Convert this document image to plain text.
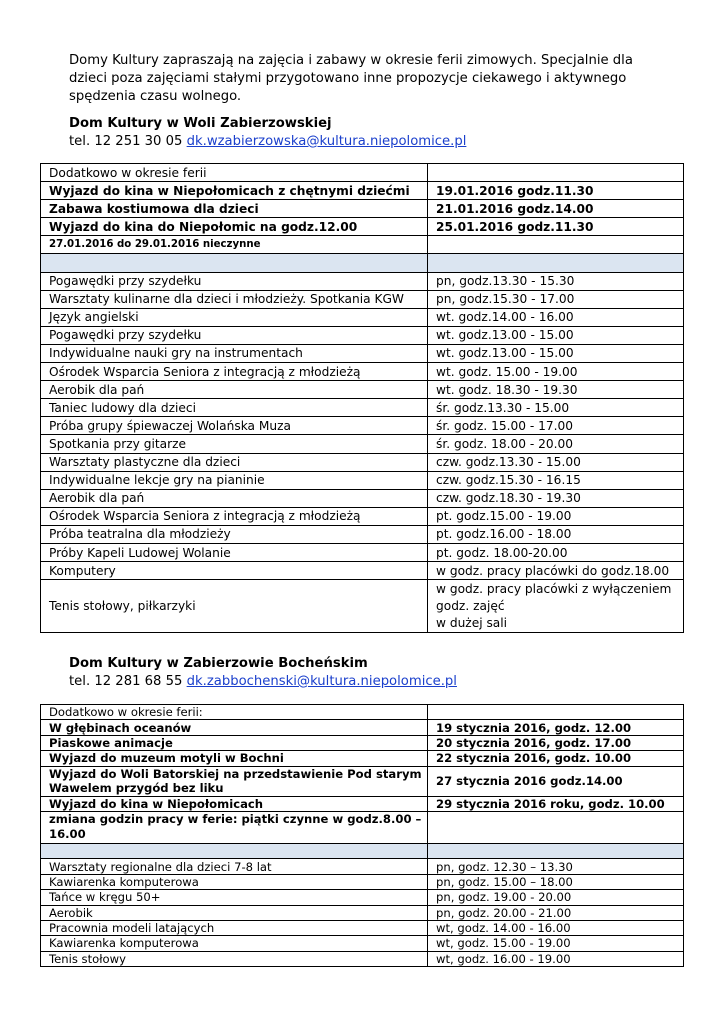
Domy Kultury zapraszają na zajęcia i zabawy w okresie ferii zimowych. Specjalnie dla dzieci poza zajęciami stałymi przygotowano inne propozycje ciekawego i aktywnego spędzenia czasu wolnego.

Dom Kultury w Woli Zabierzowskiej
tel. 12 251 30 05 dk.wzabierzowska@kultura.niepolomice.pl
Dodatkowo w okresie ferii	
Wyjazd do kina w Niepołomicach z chętnymi dziećmi	19.01.2016 godz.11.30
Zabawa kostiumowa dla dzieci	21.01.2016 godz.14.00
Wyjazd do kina do Niepołomic na godz.12.00	25.01.2016 godz.11.30
27.01.2016 do 29.01.2016 nieczynne	

Pogawędki przy szydełku	pn, godz.13.30 - 15.30
Warsztaty kulinarne dla dzieci i młodzieży. Spotkania KGW	pn, godz.15.30 - 17.00
Język angielski	wt. godz.14.00 - 16.00
Pogawędki przy szydełku	wt. godz.13.00 - 15.00
Indywidualne nauki gry na instrumentach	wt. godz.13.00 - 15.00
Ośrodek Wsparcia Seniora z integracją z młodzieżą	wt. godz. 15.00 - 19.00
Aerobik dla pań	wt. godz. 18.30 - 19.30
Taniec ludowy dla dzieci	śr. godz.13.30 - 15.00
Próba grupy śpiewaczej Wolańska Muza	śr. godz. 15.00 - 17.00
Spotkania przy gitarze	śr. godz. 18.00 - 20.00
Warsztaty plastyczne dla dzieci	czw. godz.13.30 - 15.00
Indywidualne lekcje gry na pianinie	czw. godz.15.30 - 16.15
Aerobik dla pań	czw. godz.18.30 - 19.30
Ośrodek Wsparcia Seniora z integracją z młodzieżą	pt. godz.15.00 - 19.00
Próba teatralna dla młodzieży	pt. godz.16.00 - 18.00
Próby Kapeli Ludowej Wolanie	pt. godz. 18.00-20.00
Komputery	w godz. pracy placówki do godz.18.00
Tenis stołowy, piłkarzyki	w godz. pracy placówki z wyłączeniem godz. zajęć
w dużej sali
Dom Kultury w Zabierzowie Bocheńskim
tel. 12 281 68 55 dk.zabbochenski@kultura.niepolomice.pl
Dodatkowo w okresie ferii:	
W głębinach oceanów	19 stycznia 2016, godz. 12.00
Piaskowe animacje	20 stycznia 2016, godz. 17.00
Wyjazd do muzeum motyli w Bochni	22 stycznia 2016, godz. 10.00
Wyjazd do Woli Batorskiej na przedstawienie Pod starym Wawelem przygód bez liku	27 stycznia 2016 godz.14.00
Wyjazd do kina w Niepołomicach	29 stycznia 2016 roku, godz. 10.00
zmiana godzin pracy w ferie: piątki czynne w godz.8.00 – 16.00	

Warsztaty regionalne dla dzieci 7-8 lat	pn, godz. 12.30 – 13.30
Kawiarenka komputerowa	pn, godz. 15.00 – 18.00
Tańce w kręgu 50+	pn, godz. 19.00 - 20.00
Aerobik	pn, godz. 20.00 - 21.00
Pracownia modeli latających	wt, godz. 14.00 - 16.00
Kawiarenka komputerowa	wt, godz. 15.00 - 19.00
Tenis stołowy	wt, godz. 16.00 - 19.00
